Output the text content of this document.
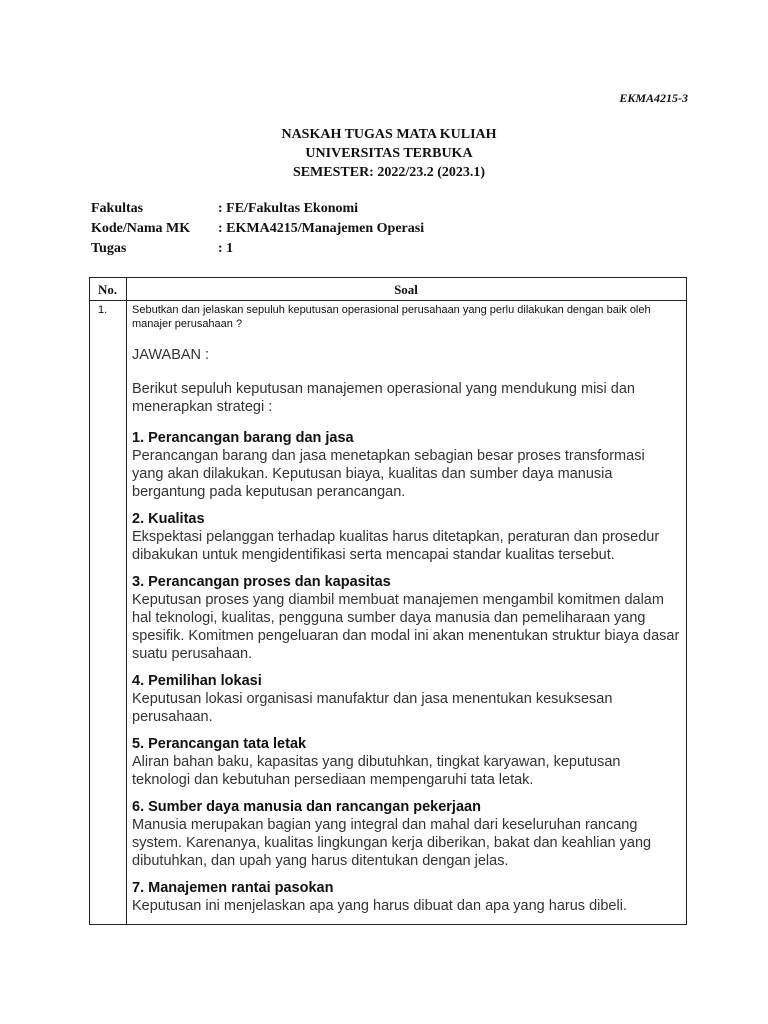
EKMA4215-3
NASKAH TUGAS MATA KULIAH
UNIVERSITAS TERBUKA
SEMESTER: 2022/23.2 (2023.1)
Fakultas	: FE/Fakultas Ekonomi
Kode/Nama MK : EKMA4215/Manajemen Operasi
Tugas	: 1
No.	Soal
1. Sebutkan dan jelaskan sepuluh keputusan operasional perusahaan yang perlu dilakukan dengan baik oleh manajer perusahaan ?

JAWABAN :

Berikut sepuluh keputusan manajemen operasional yang mendukung misi dan menerapkan strategi :

1. Perancangan barang dan jasa

Perancangan barang dan jasa menetapkan sebagian besar proses transformasi yang akan dilakukan. Keputusan biaya, kualitas dan sumber daya manusia bergantung pada keputusan perancangan.

2. Kualitas

Ekspektasi pelanggan terhadap kualitas harus ditetapkan, peraturan dan prosedur dibakukan untuk mengidentifikasi serta mencapai standar kualitas tersebut.

3. Perancangan proses dan kapasitas

Keputusan proses yang diambil membuat manajemen mengambil komitmen dalam hal teknologi, kualitas, pengguna sumber daya manusia dan pemeliharaan yang spesifik. Komitmen pengeluaran dan modal ini akan menentukan struktur biaya dasar suatu perusahaan.

4. Pemilihan lokasi

Keputusan lokasi organisasi manufaktur dan jasa menentukan kesuksesan perusahaan.

5. Perancangan tata letak

Aliran bahan baku, kapasitas yang dibutuhkan, tingkat karyawan, keputusan teknologi dan kebutuhan persediaan mempengaruhi tata letak.

6. Sumber daya manusia dan rancangan pekerjaan

Manusia merupakan bagian yang integral dan mahal dari keseluruhan rancang system. Karenanya, kualitas lingkungan kerja diberikan, bakat dan keahlian yang dibutuhkan, dan upah yang harus ditentukan dengan jelas.

7. Manajemen rantai pasokan

Keputusan ini menjelaskan apa yang harus dibuat dan apa yang harus dibeli.
